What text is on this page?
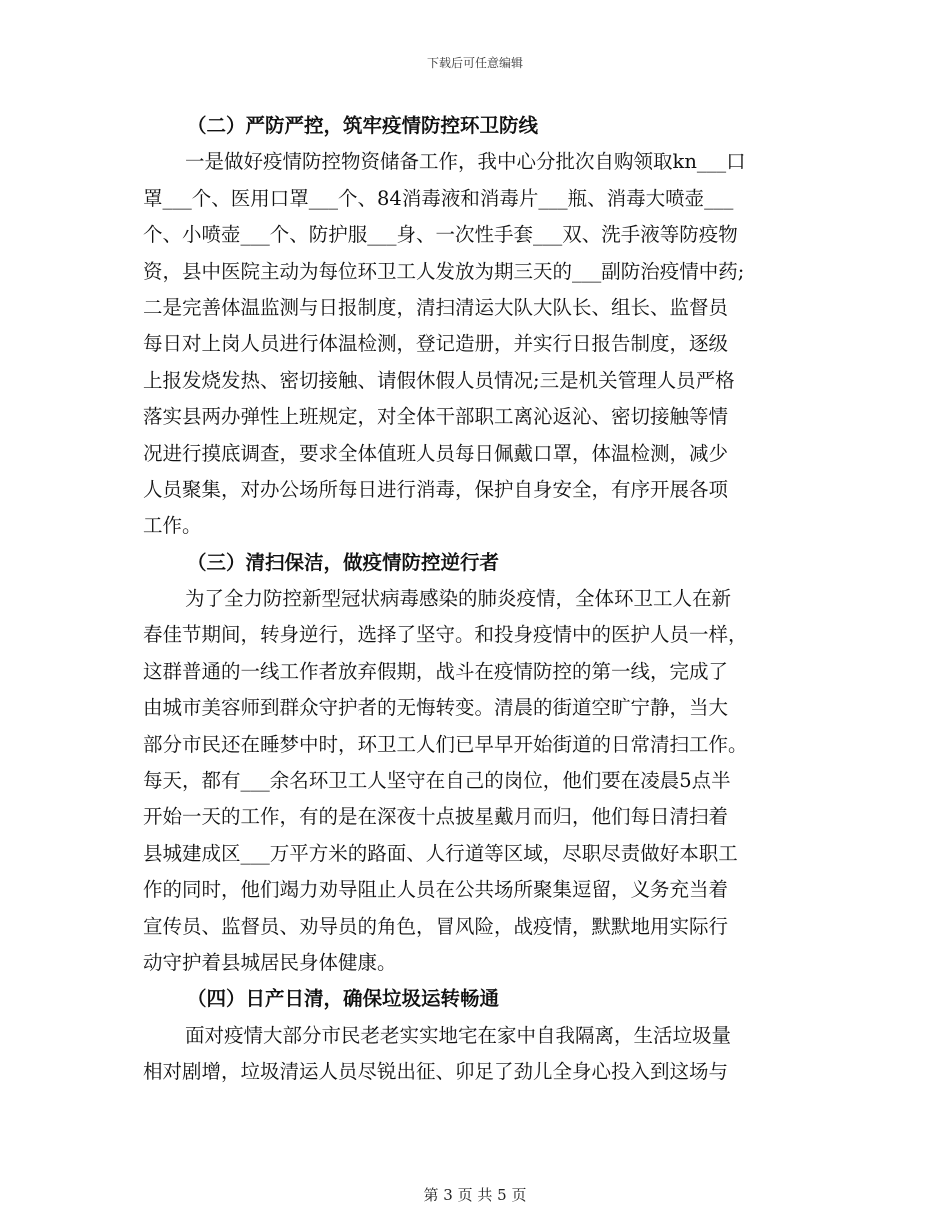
下载后可任意编辑
（二）严防严控，筑牢疫情防控环卫防线
一是做好疫情防控物资储备工作，我中心分批次自购领取kn___口
罩___个、医用口罩___个、84消毒液和消毒片___瓶、消毒大喷壶___
个、小喷壶___个、防护服___身、一次性手套___双、洗手液等防疫物
资，县中医院主动为每位环卫工人发放为期三天的___副防治疫情中药;
二是完善体温监测与日报制度，清扫清运大队大队长、组长、监督员
每日对上岗人员进行体温检测，登记造册，并实行日报告制度，逐级
上报发烧发热、密切接触、请假休假人员情况;三是机关管理人员严格
落实县两办弹性上班规定，对全体干部职工离沁返沁、密切接触等情
况进行摸底调查，要求全体值班人员每日佩戴口罩，体温检测，减少
人员聚集，对办公场所每日进行消毒，保护自身安全，有序开展各项
工作。
（三）清扫保洁，做疫情防控逆行者
为了全力防控新型冠状病毒感染的肺炎疫情，全体环卫工人在新
春佳节期间，转身逆行，选择了坚守。和投身疫情中的医护人员一样，
这群普通的一线工作者放弃假期，战斗在疫情防控的第一线，完成了
由城市美容师到群众守护者的无悔转变。清晨的街道空旷宁静，当大
部分市民还在睡梦中时，环卫工人们已早早开始街道的日常清扫工作。
每天，都有___余名环卫工人坚守在自己的岗位，他们要在凌晨5点半
开始一天的工作，有的是在深夜十点披星戴月而归，他们每日清扫着
县城建成区___万平方米的路面、人行道等区域，尽职尽责做好本职工
作的同时，他们竭力劝导阻止人员在公共场所聚集逗留，义务充当着
宣传员、监督员、劝导员的角色，冒风险，战疫情，默默地用实际行
动守护着县城居民身体健康。
（四）日产日清，确保垃圾运转畅通
面对疫情大部分市民老老实实地宅在家中自我隔离，生活垃圾量
相对剧增，垃圾清运人员尽锐出征、卯足了劲儿全身心投入到这场与
第 3 页 共 5 页
